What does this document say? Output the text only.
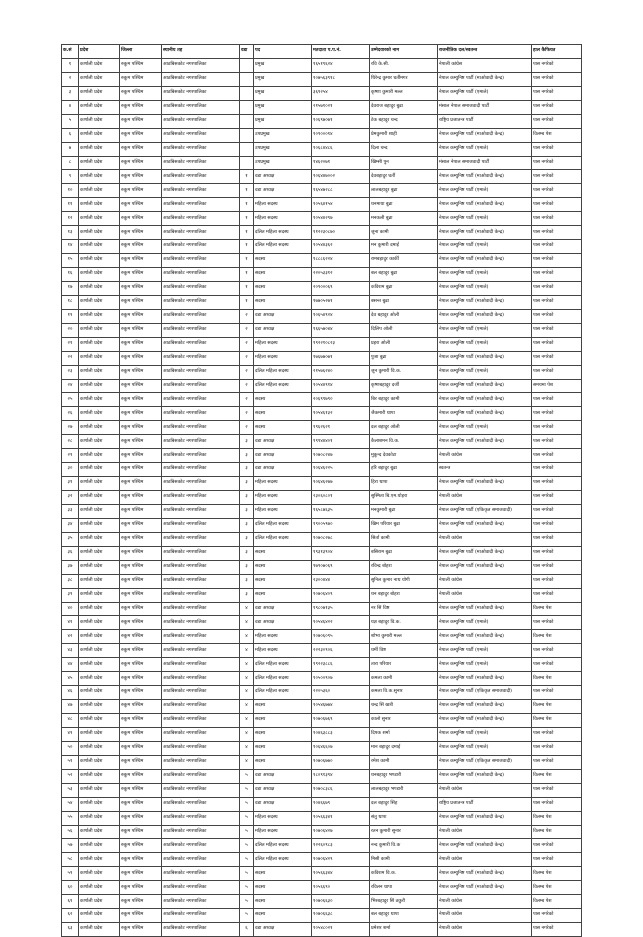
क.सं	प्रदेश	जिल्ला	स्थानीय तह	वडा	पद	मतदाता प.प.नं.	उम्मेदवारको नाम	राजनीतिक दल/स्वतन्त्र	हाल कैफियत
१	कर्णाली प्रदेश	रुकुम पश्चिम	आठबिसकोट नगरपालिका		प्रमुख	१६५१९६२४	रवि के.सी.	नेपाली कांग्रेस	पास नगरेको
२	कर्णाली प्रदेश	रुकुम पश्चिम	आठबिसकोट नगरपालिका		प्रमुख	१०७५६३९१८	धिरेन्द्र कुमार घर्तीमगर	नेपाल कम्युनिष्ट पार्टी (माओवादी केन्द्र)	पास नगरेको
३	कर्णाली प्रदेश	रुकुम पश्चिम	आठबिसकोट नगरपालिका		प्रमुख	३६९२५४	कृष्णा कुमारी मल्ल	नेपाल कम्युनिष्ट पार्टी (एमाले)	पास नगरेको
४	कर्णाली प्रदेश	रुकुम पश्चिम	आठबिसकोट नगरपालिका		प्रमुख	२१५७१०२१	देवराज बहादुर बुढा	मंसाल नेपाल समाजवादी पार्टी	पास नगरेको
५	कर्णाली प्रदेश	रुकुम पश्चिम	आठबिसकोट नगरपालिका		प्रमुख	१०६९७०७१	टेक बहादुर चन्द	राष्ट्रिय प्रजातन्त्र पार्टी	पास नगरेको
६	कर्णाली प्रदेश	रुकुम पश्चिम	आठबिसकोट नगरपालिका		उपप्रमुख	१०९०००१४	प्रेमकुमारी शाही	नेपाल कम्युनिष्ट पार्टी (माओवादी केन्द्र)	विलम्ब पेश
७	कर्णाली प्रदेश	रुकुम पश्चिम	आठबिसकोट नगरपालिका		उपप्रमुख	१०६८४४८६	दिला चन्द	नेपाल कम्युनिष्ट पार्टी (एमाले)	पास नगरेको
८	कर्णाली प्रदेश	रुकुम पश्चिम	आठबिसकोट नगरपालिका		उपप्रमुख	१४६२०७१	खिम्सी पुन	मंसाल नेपाल समाजवादी पार्टी	पास नगरेको
९	कर्णाली प्रदेश	रुकुम पश्चिम	आठबिसकोट नगरपालिका	१	वडा अध्यक्ष	१०६४४७००२	देवबहादुर घर्ती	नेपाल कम्युनिष्ट पार्टी (माओवादी केन्द्र)	पास नगरेको
१०	कर्णाली प्रदेश	रुकुम पश्चिम	आठबिसकोट नगरपालिका	१	वडा अध्यक्ष	१६५४७२८८	लालबहादुर बुढा	नेपाल कम्युनिष्ट पार्टी (एमाले)	पास नगरेको
११	कर्णाली प्रदेश	रुकुम पश्चिम	आठबिसकोट नगरपालिका	१	महिला सदस्य	१०५६४१५४	धनमाया बुढा	नेपाल कम्युनिष्ट पार्टी (माओवादी केन्द्र)	पास नगरेको
१२	कर्णाली प्रदेश	रुकुम पश्चिम	आठबिसकोट नगरपालिका	१	महिला सदस्य	१०५४४२९७	मनकली बुढा	नेपाल कम्युनिष्ट पार्टी (एमाले)	पास नगरेको
१३	कर्णाली प्रदेश	रुकुम पश्चिम	आठबिसकोट नगरपालिका	१	दलित महिला सदस्य	११२२३०८७०	जुना कामी	नेपाल कम्युनिष्ट पार्टी (माओवादी केन्द्र)	पास नगरेको
१४	कर्णाली प्रदेश	रुकुम पश्चिम	आठबिसकोट नगरपालिका	१	दलित महिला सदस्य	१०५४४३६२	मन कुमारी दमाई	नेपाल कम्युनिष्ट पार्टी (एमाले)	पास नगरेको
१५	कर्णाली प्रदेश	रुकुम पश्चिम	आठबिसकोट नगरपालिका	१	सदस्य	१८८८६२२४	रामबहादुर कार्की	नेपाल कम्युनिष्ट पार्टी (माओवादी केन्द्र)	पास नगरेको
१६	कर्णाली प्रदेश	रुकुम पश्चिम	आठबिसकोट नगरपालिका	१	सदस्य	२२०५३३१२	बल बहादुर बुढा	नेपाल कम्युनिष्ट पार्टी (एमाले)	पास नगरेको
१७	कर्णाली प्रदेश	रुकुम पश्चिम	आठबिसकोट नगरपालिका	१	सदस्य	२०९०००६९	कविराम बुढा	नेपाल कम्युनिष्ट पार्टी (एमाले)	पास नगरेको
१८	कर्णाली प्रदेश	रुकुम पश्चिम	आठबिसकोट नगरपालिका	१	सदस्य	१७७०५२७१	बसन्त बुढा	नेपाल कम्युनिष्ट पार्टी (माओवादी केन्द्र)	पास नगरेको
१९	कर्णाली प्रदेश	रुकुम पश्चिम	आठबिसकोट नगरपालिका	२	वडा अध्यक्ष	१०६५४९२४	देव बहादुर ओली	नेपाल कम्युनिष्ट पार्टी (माओवादी केन्द्र)	पास नगरेको
२०	कर्णाली प्रदेश	रुकुम पश्चिम	आठबिसकोट नगरपालिका	२	वडा अध्यक्ष	१६६५७०४४	दिलिप ओली	नेपाल कम्युनिष्ट पार्टी (एमाले)	पास नगरेको
२१	कर्णाली प्रदेश	रुकुम पश्चिम	आठबिसकोट नगरपालिका	२	महिला सदस्य	१९२२१०८२३	प्रहरा ओली	नेपाल कम्युनिष्ट पार्टी (एमाले)	पास नगरेको
२२	कर्णाली प्रदेश	रुकुम पश्चिम	आठबिसकोट नगरपालिका	२	महिला सदस्य	१७६७७०७१	पुजा बुढा	नेपाल कम्युनिष्ट पार्टी (माओवादी केन्द्र)	पास नगरेको
२३	कर्णाली प्रदेश	रुकुम पश्चिम	आठबिसकोट नगरपालिका	२	दलित महिला सदस्य	२१५७६२४०	जुन कुमारी वि.क.	नेपाल कम्युनिष्ट पार्टी (एमाले)	पास नगरेको
२४	कर्णाली प्रदेश	रुकुम पश्चिम	आठबिसकोट नगरपालिका	२	दलित महिला सदस्य	१०५४४९१४	कृष्णबहादुर दर्जी	नेपाल कम्युनिष्ट पार्टी (माओवादी केन्द्र)	समयमा पेश
२५	कर्णाली प्रदेश	रुकुम पश्चिम	आठबिसकोट नगरपालिका	२	सदस्य	२०६९९७९०	बिर बहादुर कामी	नेपाल कम्युनिष्ट पार्टी (माओवादी केन्द्र)	पास नगरेको
२६	कर्णाली प्रदेश	रुकुम पश्चिम	आठबिसकोट नगरपालिका	२	सदस्य	१०५४६१३२	जैकमारी थापा	नेपाल कम्युनिष्ट पार्टी (माओवादी केन्द्र)	पास नगरेको
२७	कर्णाली प्रदेश	रुकुम पश्चिम	आठबिसकोट नगरपालिका	२	सदस्य	१९६२६२१	दल बहादुर ओली	नेपाल कम्युनिष्ट पार्टी (एमाले)	पास नगरेको
२८	कर्णाली प्रदेश	रुकुम पश्चिम	आठबिसकोट नगरपालिका	३	वडा अध्यक्ष	१९९४४४०१	कैलाशमन वि.क.	नेपाल कम्युनिष्ट पार्टी (माओवादी केन्द्र)	पास नगरेको
२९	कर्णाली प्रदेश	रुकुम पश्चिम	आठबिसकोट नगरपालिका	३	वडा अध्यक्ष	१०७०८२४७	मुकुन्द देवकोटा	नेपाली कांग्रेस	पास नगरेको
३०	कर्णाली प्रदेश	रुकुम पश्चिम	आठबिसकोट नगरपालिका	३	वडा अध्यक्ष	१०६४६२२५	हरि बहादुर बुढा	स्वतन्त्र	पास नगरेको
३१	कर्णाली प्रदेश	रुकुम पश्चिम	आठबिसकोट नगरपालिका	३	महिला सदस्य	१०६४६२७७	हिरा थापा	नेपाल कम्युनिष्ट पार्टी (माओवादी केन्द्र)	पास नगरेको
३२	कर्णाली प्रदेश	रुकुम पश्चिम	आठबिसकोट नगरपालिका	३	महिला सदस्य	२३०६०८०१	सुस्मिता बि.एम.योहरा	नेपाली कांग्रेस	पास नगरेको
३३	कर्णाली प्रदेश	रुकुम पश्चिम	आठबिसकोट नगरपालिका	३	महिला सदस्य	१६५८७६३५	मनकुमारी बुढा	नेपाल कम्युनिष्ट पार्टी (एकिकृत समाजवादी)	पास नगरेको
३४	कर्णाली प्रदेश	रुकुम पश्चिम	आठबिसकोट नगरपालिका	३	दलित महिला सदस्य	१९००५९७०	खिम परियार बुढा	नेपाल कम्युनिष्ट पार्टी (माओवादी केन्द्र)	पास नगरेको
३५	कर्णाली प्रदेश	रुकुम पश्चिम	आठबिसकोट नगरपालिका	३	दलित महिला सदस्य	१०७०८२७८	सिर्ता कामी	नेपाली कांग्रेस	पास नगरेको
३६	कर्णाली प्रदेश	रुकुम पश्चिम	आठबिसकोट नगरपालिका	३	सदस्य	१९३१३९०४	बसिराम बुढा	नेपाल कम्युनिष्ट पार्टी (माओवादी केन्द्र)	पास नगरेको
३७	कर्णाली प्रदेश	रुकुम पश्चिम	आठबिसकोट नगरपालिका	३	सदस्य	१७९०७०६९	रविन्द्र बोहरा	नेपाल कम्युनिष्ट पार्टी (माओवादी केन्द्र)	पास नगरेको
३८	कर्णाली प्रदेश	रुकुम पश्चिम	आठबिसकोट नगरपालिका	३	सदस्य	२३००४४४	सुनिल कुमार नाथ योगी	नेपाली कांग्रेस	पास नगरेको
३९	कर्णाली प्रदेश	रुकुम पश्चिम	आठबिसकोट नगरपालिका	३	सदस्य	१०७०६४०९	धन बहादुर बोहरा	नेपाली कांग्रेस	पास नगरेको
४०	कर्णाली प्रदेश	रुकुम पश्चिम	आठबिसकोट नगरपालिका	४	वडा अध्यक्ष	१९८०७१३५	नर सिं विष्ट	नेपाल कम्युनिष्ट पार्टी (माओवादी केन्द्र)	विलम्ब पेश
४१	कर्णाली प्रदेश	रुकुम पश्चिम	आठबिसकोट नगरपालिका	४	वडा अध्यक्ष	१०५४६४२२	यज्ञ बहादुर वि.क.	नेपाल कम्युनिष्ट पार्टी (एमाले)	पास नगरेको
४२	कर्णाली प्रदेश	रुकुम पश्चिम	आठबिसकोट नगरपालिका	४	महिला सदस्य	१०७०६०९५	शोभा कुमारी मल्ल	नेपाल कम्युनिष्ट पार्टी (माओवादी केन्द्र)	विलम्ब पेश
४३	कर्णाली प्रदेश	रुकुम पश्चिम	आठबिसकोट नगरपालिका	४	महिला सदस्य	२२२३०९०६	धर्मी विष्ट	नेपाल कम्युनिष्ट पार्टी (एमाले)	पास नगरेको
४४	कर्णाली प्रदेश	रुकुम पश्चिम	आठबिसकोट नगरपालिका	४	दलित महिला सदस्य	१९२२३८८६	तारा परियार	नेपाल कम्युनिष्ट पार्टी (एमाले)	पास नगरेको
४५	कर्णाली प्रदेश	रुकुम पश्चिम	आठबिसकोट नगरपालिका	४	दलित महिला सदस्य	१०५००९०७	कमला कामी	नेपाल कम्युनिष्ट पार्टी (माओवादी केन्द्र)	विलम्ब पेश
४६	कर्णाली प्रदेश	रुकुम पश्चिम	आठबिसकोट नगरपालिका	४	दलित महिला सदस्य	२२०५३६०	कमला वि.क.सुनार	नेपाल कम्युनिष्ट पार्टी (एकिकृत समाजवादी)	पास नगरेको
४७	कर्णाली प्रदेश	रुकुम पश्चिम	आठबिसकोट नगरपालिका	४	सदस्य	१०५४६७७४	चन्द्र सिं खत्री	नेपाल कम्युनिष्ट पार्टी (माओवादी केन्द्र)	विलम्ब पेश
४८	कर्णाली प्रदेश	रुकुम पश्चिम	आठबिसकोट नगरपालिका	४	सदस्य	१०७०६७६९	कालो सुनार	नेपाल कम्युनिष्ट पार्टी (माओवादी केन्द्र)	विलम्ब पेश
४९	कर्णाली प्रदेश	रुकुम पश्चिम	आठबिसकोट नगरपालिका	४	सदस्य	१०४६३८८३	दिपक शर्मा	नेपाल कम्युनिष्ट पार्टी (एमाले)	पास नगरेको
५०	कर्णाली प्रदेश	रुकुम पश्चिम	आठबिसकोट नगरपालिका	४	सदस्य	१०६४६६०७	मान बहादुर दमाई	नेपाल कम्युनिष्ट पार्टी (एमाले)	पास नगरेको
५१	कर्णाली प्रदेश	रुकुम पश्चिम	आठबिसकोट नगरपालिका	४	सदस्य	१०७०६७७०	रमेश कामी	नेपाल कम्युनिष्ट पार्टी (एकिकृत समाजवादी)	पास नगरेको
५२	कर्णाली प्रदेश	रुकुम पश्चिम	आठबिसकोट नगरपालिका	५	वडा अध्यक्ष	१८०९१३९४	धनबहादुर भण्डारी	नेपाल कम्युनिष्ट पार्टी (माओवादी केन्द्र)	विलम्ब पेश
५३	कर्णाली प्रदेश	रुकुम पश्चिम	आठबिसकोट नगरपालिका	५	वडा अध्यक्ष	१०७०८३८६	लालबहादुर भण्डारी	नेपाली कांग्रेस	पास नगरेको
५४	कर्णाली प्रदेश	रुकुम पश्चिम	आठबिसकोट नगरपालिका	५	वडा अध्यक्ष	१०४६६७९	दल बहादुर सिंह	राष्ट्रिय प्रजातन्त्र पार्टी	पास नगरेको
५५	कर्णाली प्रदेश	रुकुम पश्चिम	आठबिसकोट नगरपालिका	५	महिला सदस्य	१०५६६३४१	संतु थापा	नेपाल कम्युनिष्ट पार्टी (माओवादी केन्द्र)	विलम्ब पेश
५६	कर्णाली प्रदेश	रुकुम पश्चिम	आठबिसकोट नगरपालिका	५	महिला सदस्य	१०७०६४२७	रतन कुमारी सुनार	नेपाली कांग्रेस	विलम्ब पेश
५७	कर्णाली प्रदेश	रुकुम पश्चिम	आठबिसकोट नगरपालिका	५	दलित महिला सदस्य	१२२६०९८३	नन्द कुमारी वि.क	नेपाल कम्युनिष्ट पार्टी (माओवादी केन्द्र)	पास नगरेको
५८	कर्णाली प्रदेश	रुकुम पश्चिम	आठबिसकोट नगरपालिका	५	दलित महिला सदस्य	१०७०६४२९	मिसी कामी	नेपाली कांग्रेस	पास नगरेको
५९	कर्णाली प्रदेश	रुकुम पश्चिम	आठबिसकोट नगरपालिका	५	सदस्य	१०५६६३४४	कविराम वि.क.	नेपाल कम्युनिष्ट पार्टी (माओवादी केन्द्र)	विलम्ब पेश
६०	कर्णाली प्रदेश	रुकुम पश्चिम	आठबिसकोट नगरपालिका	५	सदस्य	१०५६६९०	रविलन थापा	नेपाल कम्युनिष्ट पार्टी (माओवादी केन्द्र)	विलम्ब पेश
६१	कर्णाली प्रदेश	रुकुम पश्चिम	आठबिसकोट नगरपालिका	५	सदस्य	१०७०६६३०	भिरबहादुर सिं ठकुरी	नेपाली कांग्रेस	विलम्ब पेश
६२	कर्णाली प्रदेश	रुकुम पश्चिम	आठबिसकोट नगरपालिका	५	सदस्य	१०७०६६३८	बल बहादुर थापा	नेपाली कांग्रेस	पास नगरेको
६३	कर्णाली प्रदेश	रुकुम पश्चिम	आठबिसकोट नगरपालिका	६	वडा अध्यक्ष	१०५४८०२१	प्रमेशर शर्मा	नेपाली कांग्रेस	पास नगरेको
